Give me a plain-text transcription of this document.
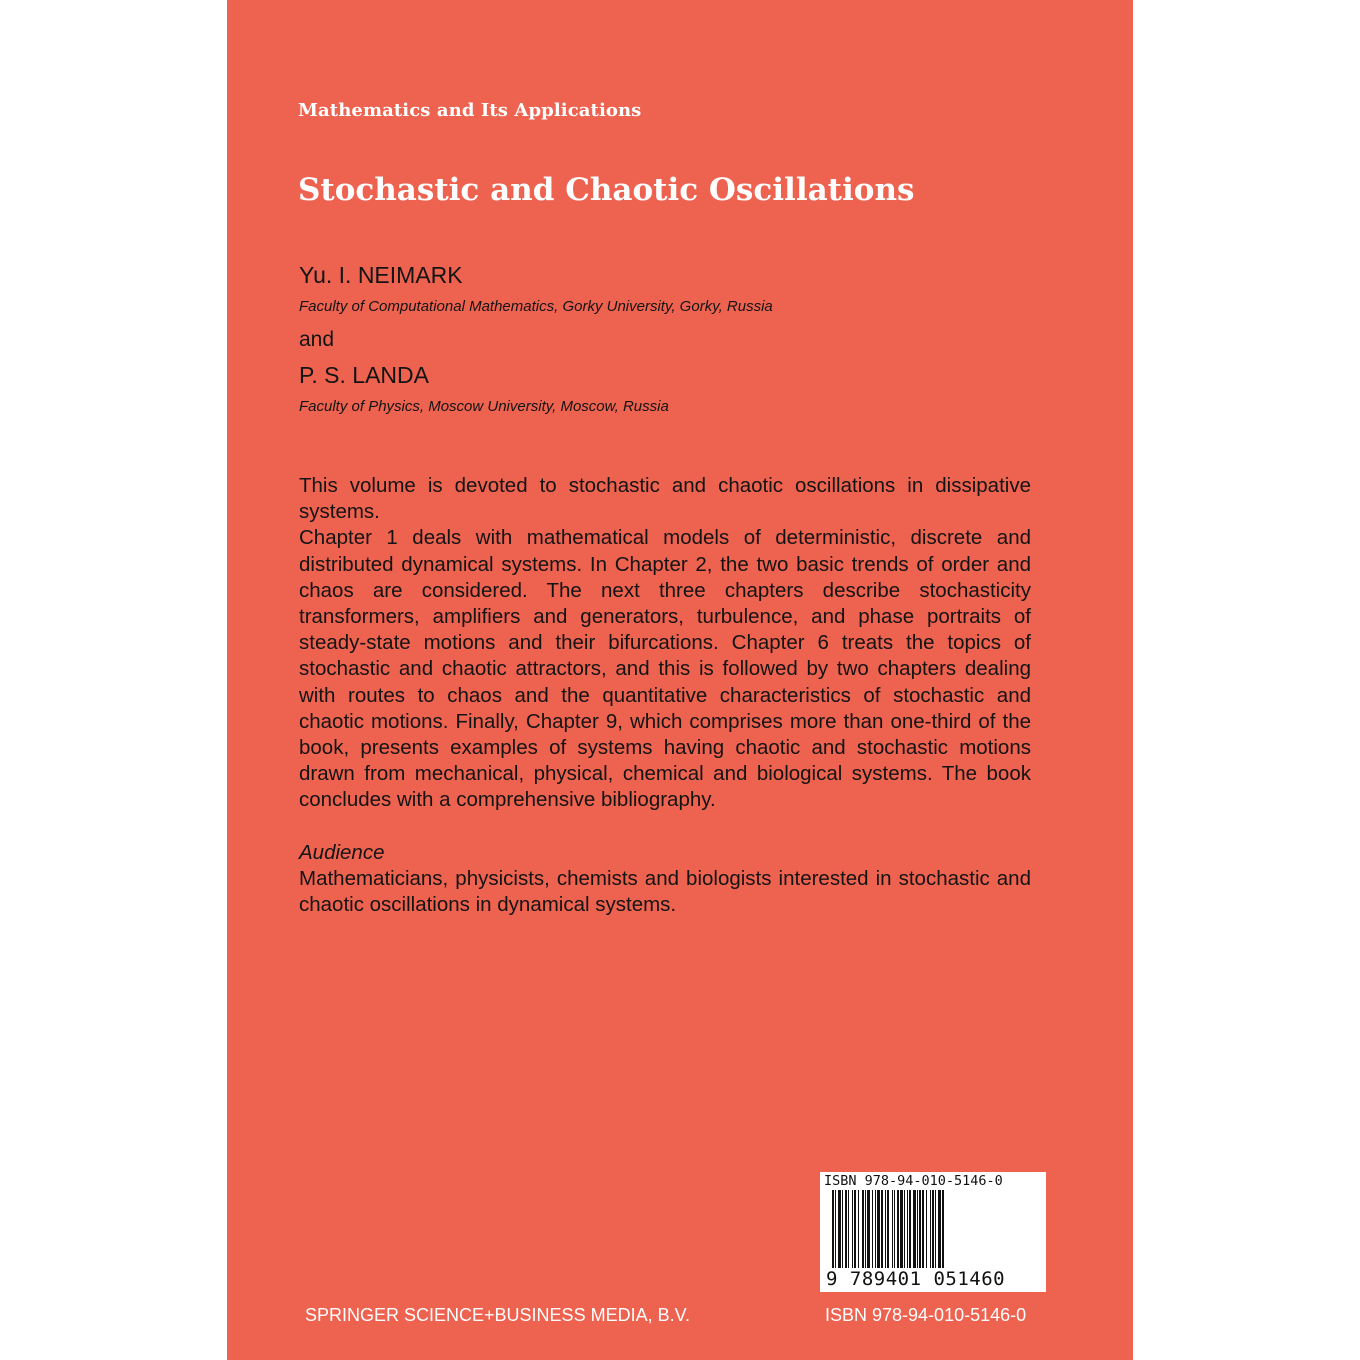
Mathematics and Its Applications
Stochastic and Chaotic Oscillations
Yu. I. NEIMARK
Faculty of Computational Mathematics, Gorky University, Gorky, Russia
and
P. S. LANDA
Faculty of Physics, Moscow University, Moscow, Russia

This volume is devoted to stochastic and chaotic oscillations in dissipative systems.

Chapter 1 deals with mathematical models of deterministic, discrete and distributed dynamical systems. In Chapter 2, the two basic trends of order and chaos are considered. The next three chapters describe stochasticity transformers, amplifiers and generators, turbulence, and phase portraits of steady-state motions and their bifurcations. Chapter 6 treats the topics of stochastic and chaotic attractors, and this is followed by two chapters dealing with routes to chaos and the quantitative characteristics of stochastic and chaotic motions. Finally, Chapter 9, which comprises more than one-third of the book, presents examples of systems having chaotic and stochastic motions drawn from mechanical, physical, chemical and biological systems. The book concludes with a comprehensive bibliography.

Audience

Mathematicians, physicists, chemists and biologists interested in stochastic and chaotic oscillations in dynamical systems.

ISBN 978-94-010-5146-0
9 789401 051460
SPRINGER SCIENCE+BUSINESS MEDIA, B.V.	ISBN 978-94-010-5146-0
